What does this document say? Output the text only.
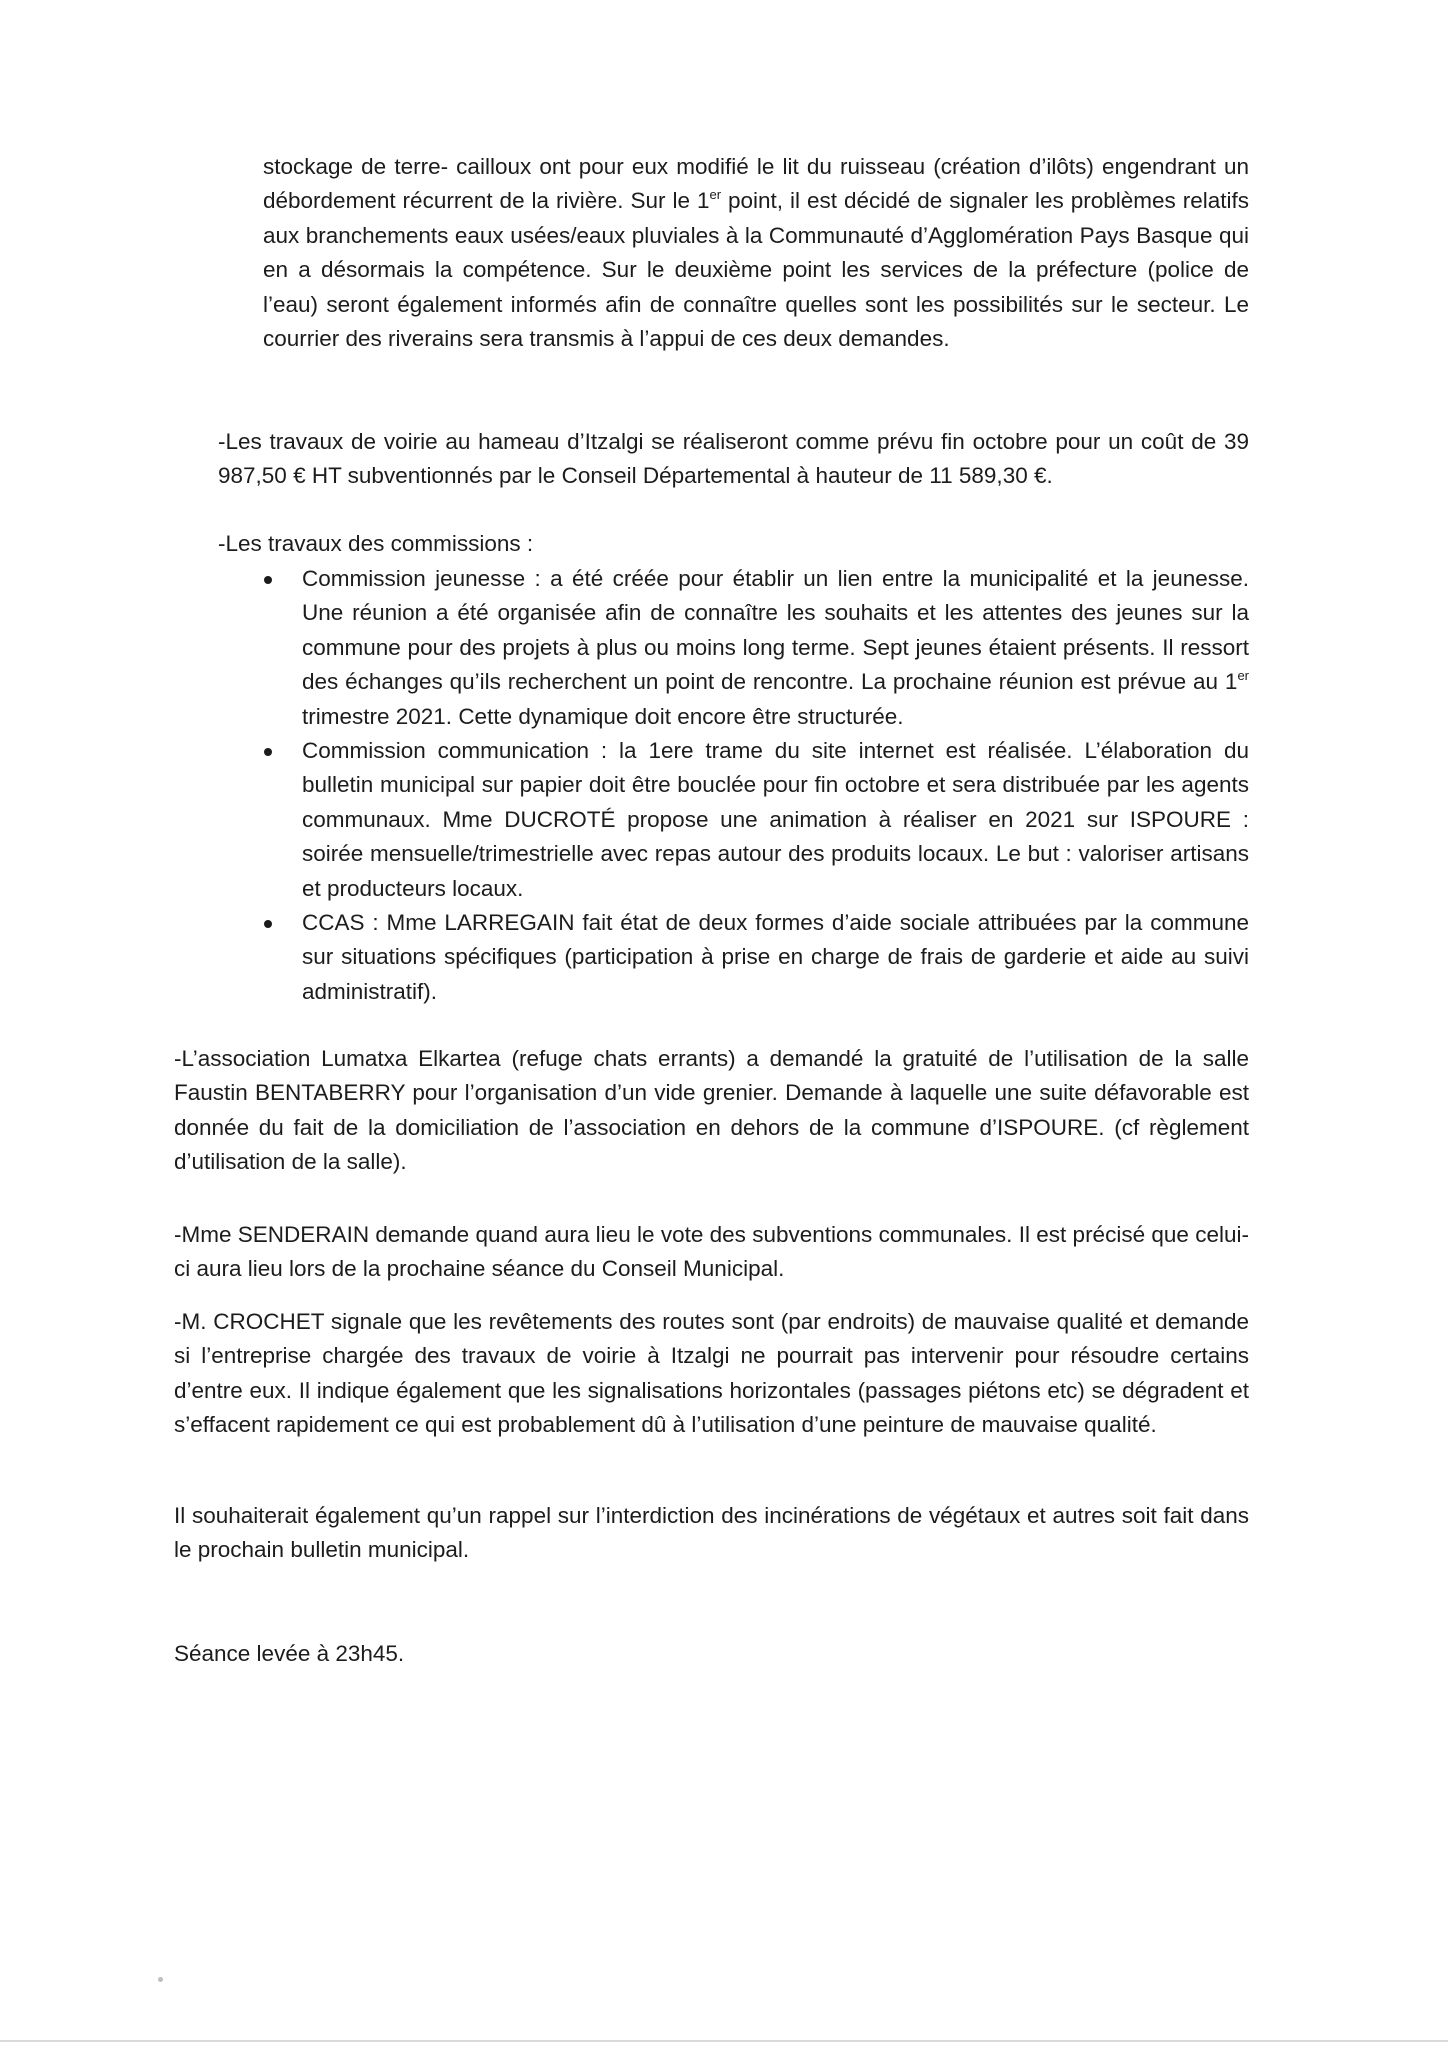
stockage de terre- cailloux ont pour eux modifié le lit du ruisseau (création d’ilôts) engendrant un débordement récurrent de la rivière. Sur le 1er point, il est décidé de signaler les problèmes relatifs aux branchements eaux usées/eaux pluviales à la Communauté d’Agglomération Pays Basque qui en a désormais la compétence. Sur le deuxième point les services de la préfecture (police de l’eau) seront également informés afin de connaître quelles sont les possibilités sur le secteur. Le courrier des riverains sera transmis à l’appui de ces deux demandes.

-Les travaux de voirie au hameau d’Itzalgi se réaliseront comme prévu fin octobre pour un coût de 39 987,50 € HT subventionnés par le Conseil Départemental à hauteur de 11 589,30 €.

-Les travaux des commissions :

Commission jeunesse : a été créée pour établir un lien entre la municipalité et la jeunesse. Une réunion a été organisée afin de connaître les souhaits et les attentes des jeunes sur la commune pour des projets à plus ou moins long terme. Sept jeunes étaient présents. Il ressort des échanges qu’ils recherchent un point de rencontre. La prochaine réunion est prévue au 1er trimestre 2021. Cette dynamique doit encore être structurée.
Commission communication : la 1ere trame du site internet est réalisée. L’élaboration du bulletin municipal sur papier doit être bouclée pour fin octobre et sera distribuée par les agents communaux. Mme DUCROTÉ propose une animation à réaliser en 2021 sur ISPOURE : soirée mensuelle/trimestrielle avec repas autour des produits locaux. Le but : valoriser artisans et producteurs locaux.
CCAS : Mme LARREGAIN fait état de deux formes d’aide sociale attribuées par la commune sur situations spécifiques (participation à prise en charge de frais de garderie et aide au suivi administratif).

-L’association Lumatxa Elkartea (refuge chats errants) a demandé la gratuité de l’utilisation de la salle Faustin BENTABERRY pour l’organisation d’un vide grenier. Demande à laquelle une suite défavorable est donnée du fait de la domiciliation de l’association en dehors de la commune d’ISPOURE. (cf règlement d’utilisation de la salle).

-Mme SENDERAIN demande quand aura lieu le vote des subventions communales. Il est précisé que celui-ci aura lieu lors de la prochaine séance du Conseil Municipal.

-M. CROCHET signale que les revêtements des routes sont (par endroits) de mauvaise qualité et demande si l’entreprise chargée des travaux de voirie à Itzalgi ne pourrait pas intervenir pour résoudre certains d’entre eux. Il indique également que les signalisations horizontales (passages piétons etc) se dégradent et s’effacent rapidement ce qui est probablement dû à l’utilisation d’une peinture de mauvaise qualité.

Il souhaiterait également qu’un rappel sur l’interdiction des incinérations de végétaux et autres soit fait dans le prochain bulletin municipal.

Séance levée à 23h45.
